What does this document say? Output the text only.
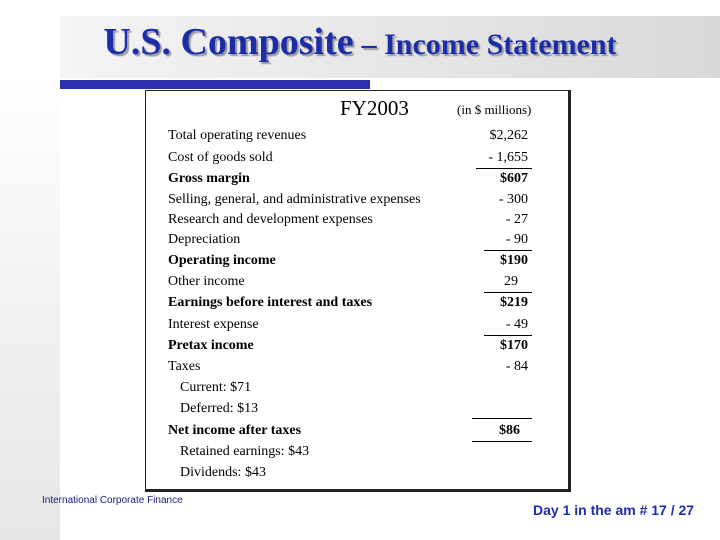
U.S. Composite – Income Statement
FY2003	(in $ millions)
Total operating revenues	$2,262
Cost of goods sold	- 1,655
Gross margin	$607
Selling, general, and administrative expenses	- 300
Research and development expenses	- 27
Depreciation	- 90
Operating income	$190
Other income	29
Earnings before interest and taxes	$219
Interest expense	- 49
Pretax income	$170
Taxes	- 84
Current: $71
Deferred: $13
Net income after taxes	$86
Retained earnings: $43
Dividends: $43
International Corporate Finance
Day 1 in the am # 17 / 27
